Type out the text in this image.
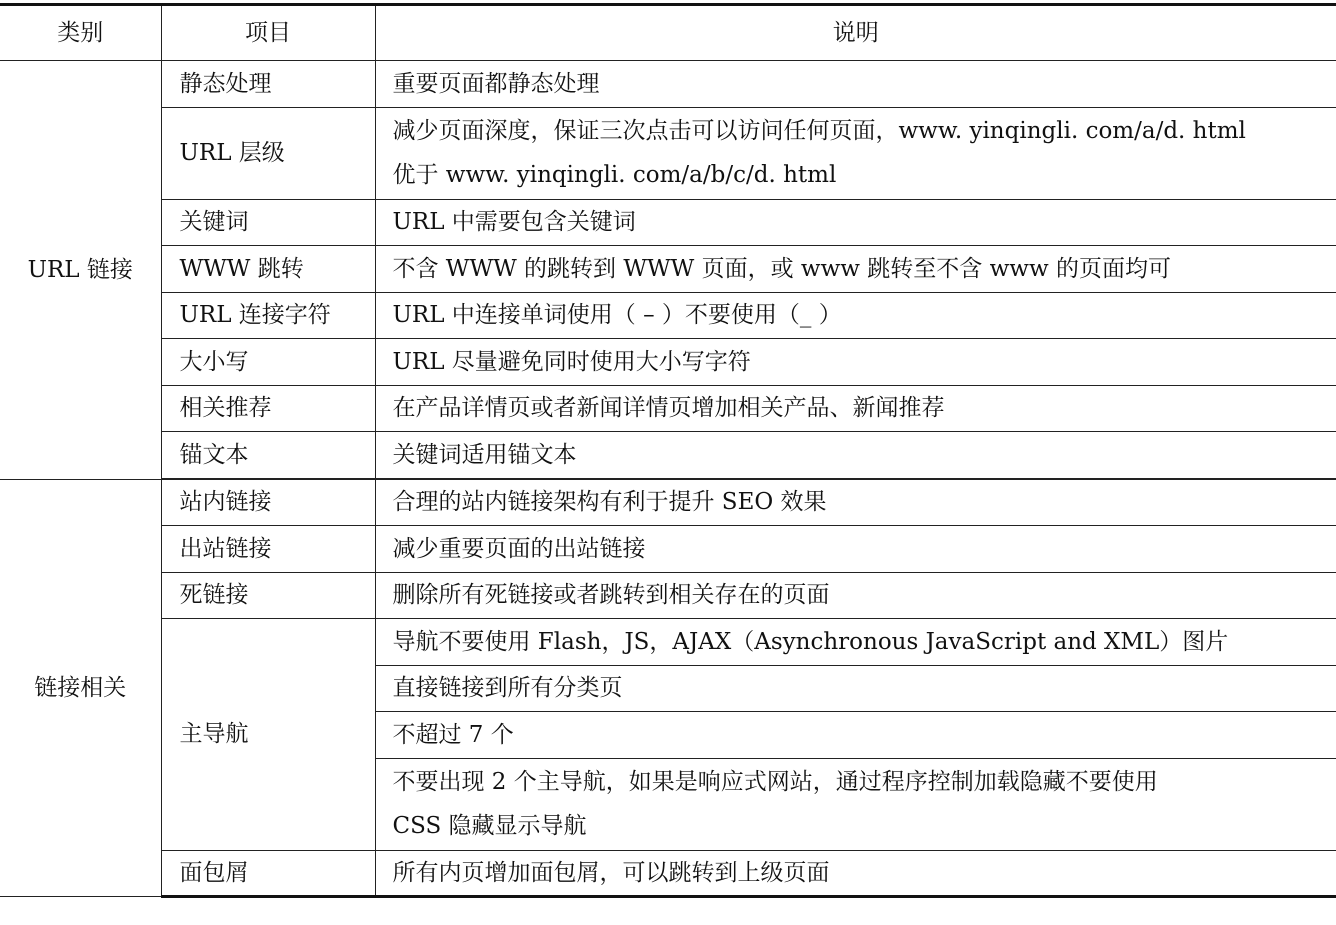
类别	项目	说明
URL 链接	静态处理	重要页面都静态处理
	URL 层级	减少页面深度，保证三次点击可以访问任何页面，www. yinqingli. com/a/d. html
优于 www. yinqingli. com/a/b/c/d. html
	关键词	URL 中需要包含关键词
	WWW 跳转	不含 WWW 的跳转到 WWW 页面，或 www 跳转至不含 www 的页面均可
	URL 连接字符	URL 中连接单词使用（ – ）不要使用（_ ）
	大小写	URL 尽量避免同时使用大小写字符
	相关推荐	在产品详情页或者新闻详情页增加相关产品、新闻推荐
	锚文本	关键词适用锚文本

链接相关	站内链接	合理的站内链接架构有利于提升 SEO 效果
	出站链接	减少重要页面的出站链接
	死链接	删除所有死链接或者跳转到相关存在的页面
	主导航	导航不要使用 Flash，JS，AJAX（Asynchronous JavaScript and XML）图片
		直接链接到所有分类页
		不超过 7 个
		不要出现 2 个主导航，如果是响应式网站，通过程序控制加载隐藏不要使用
CSS 隐藏显示导航
	面包屑	所有内页增加面包屑，可以跳转到上级页面
